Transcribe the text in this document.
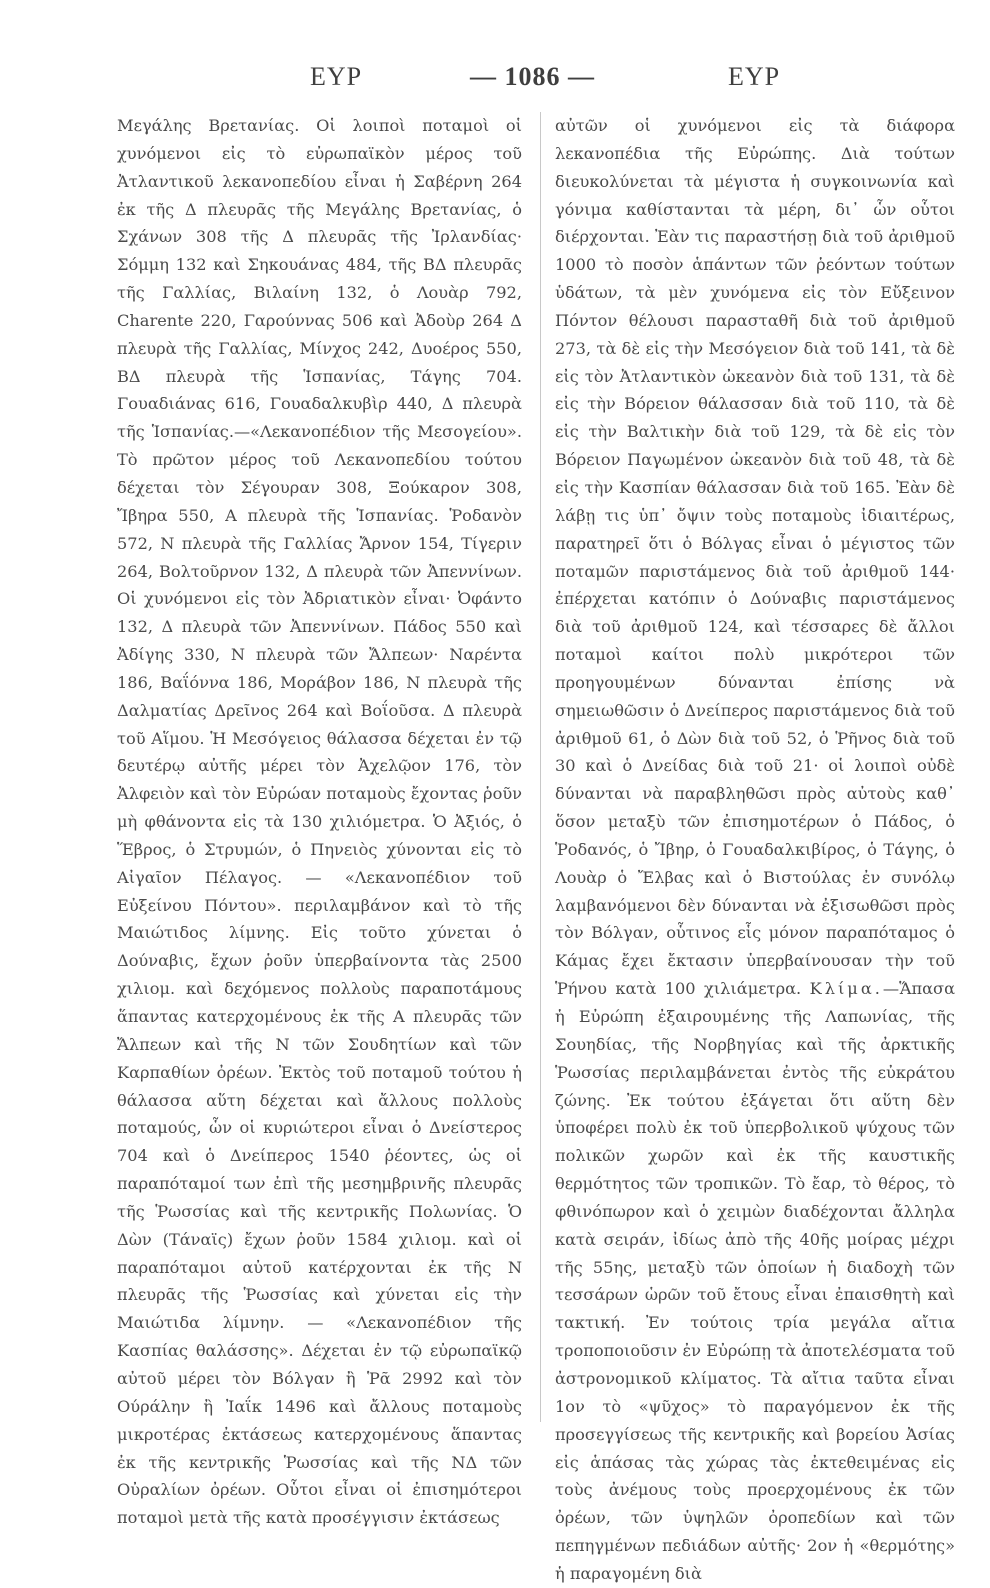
ΕΥΡ	— 1086 —	ΕΥΡ

Μεγάλης Βρετανίας. Οἱ λοιποὶ ποταμοὶ οἱ χυνόμενοι εἰς τὸ εὐρωπαϊκὸν μέρος τοῦ Ἀτλαντικοῦ λεκανοπεδίου εἶναι ἡ Σαβέρνη 264 ἐκ τῆς Δ πλευρᾶς τῆς Μεγάλης Βρετανίας, ὁ Σχάνων 308 τῆς Δ πλευρᾶς τῆς Ἰρλανδίας· Σόμμη 132 καὶ Σηκουάνας 484, τῆς ΒΔ πλευρᾶς τῆς Γαλλίας, Βιλαίνη 132, ὁ Λουὰρ 792, Charente 220, Γαρούννας 506 καὶ Ἀδοὺρ 264 Δ πλευρὰ τῆς Γαλλίας, Μίνχος 242, Δυοέρος 550, ΒΔ πλευρὰ τῆς Ἱσπανίας, Τάγης 704. Γουαδιάνας 616, Γουαδαλκυβὶρ 440, Δ πλευρὰ τῆς Ἱσπανίας.—«Λεκανοπέδιον τῆς Μεσογείου». Τὸ πρῶτον μέρος τοῦ Λεκανοπεδίου τούτου δέχεται τὸν Σέγουραν 308, Ξούκαρον 308, Ἴβηρα 550, Α πλευρὰ τῆς Ἱσπανίας. Ῥοδανὸν 572, Ν πλευρὰ τῆς Γαλλίας Ἄρνον 154, Τίγεριν 264, Βολτοῦρνον 132, Δ πλευρὰ τῶν Ἀπεννίνων. Οἱ χυνόμενοι εἰς τὸν Ἀδριατικὸν εἶναι· Ὀφάντο 132, Δ πλευρὰ τῶν Ἀπεννίνων. Πάδος 550 καὶ Ἀδίγης 330, Ν πλευρὰ τῶν Ἄλπεων· Ναρέντα 186, Βαΐόννα 186, Μοράβον 186, Ν πλευρὰ τῆς Δαλματίας Δρεῖνος 264 καὶ Βοΐοῦσα. Δ πλευρὰ τοῦ Αἵμου. Ἡ Μεσόγειος θάλασσα δέχεται ἐν τῷ δευτέρῳ αὐτῆς μέρει τὸν Ἀχελῷον 176, τὸν Ἀλφειὸν καὶ τὸν Εὐρώαν ποταμοὺς ἔχοντας ῥοῦν μὴ φθάνοντα εἰς τὰ 130 χιλιόμετρα. Ὁ Ἀξιός, ὁ Ἕβρος, ὁ Στρυμών, ὁ Πηνειὸς χύνονται εἰς τὸ Αἰγαῖον Πέλαγος. — «Λεκανοπέδιον τοῦ Εὐξείνου Πόντου». περιλαμβάνον καὶ τὸ τῆς Μαιώτιδος λίμνης. Εἰς τοῦτο χύνεται ὁ Δούναβις, ἔχων ῥοῦν ὑπερβαίνοντα τὰς 2500 χιλιομ. καὶ δεχόμενος πολλοὺς παραποτάμους ἅπαντας κατερχομένους ἐκ τῆς Α πλευρᾶς τῶν Ἄλπεων καὶ τῆς Ν τῶν Σουδητίων καὶ τῶν Καρπαθίων ὀρέων. Ἐκτὸς τοῦ ποταμοῦ τούτου ἡ θάλασσα αὕτη δέχεται καὶ ἄλλους πολλοὺς ποταμούς, ὧν οἱ κυριώτεροι εἶναι ὁ Δνείστερος 704 καὶ ὁ Δνείπερος 1540 ῥέοντες, ὡς οἱ παραπόταμοί των ἐπὶ τῆς μεσημβρινῆς πλευρᾶς τῆς Ῥωσσίας καὶ τῆς κεντρικῆς Πολωνίας. Ὁ Δὼν (Τάναϊς) ἔχων ῥοῦν 1584 χιλιομ. καὶ οἱ παραπόταμοι αὐτοῦ κατέρχονται ἐκ τῆς Ν πλευρᾶς τῆς Ῥωσσίας καὶ χύνεται εἰς τὴν Μαιώτιδα λίμνην. — «Λεκανοπέδιον τῆς Κασπίας θαλάσσης». Δέχεται ἐν τῷ εὐρωπαϊκῷ αὐτοῦ μέρει τὸν Βόλγαν ἢ Ῥᾶ 2992 καὶ τὸν Ούράλην ἢ Ἰαΐκ 1496 καὶ ἄλλους ποταμοὺς μικροτέρας ἐκτάσεως κατερχομένους ἅπαντας ἐκ τῆς κεντρικῆς Ῥωσσίας καὶ τῆς ΝΔ τῶν Οὐραλίων ὀρέων. Οὗτοι εἶναι οἱ ἐπισημότεροι ποταμοὶ μετὰ τῆς κατὰ προσέγγισιν ἐκτάσεως

αὐτῶν οἱ χυνόμενοι εἰς τὰ διάφορα λεκανοπέδια τῆς Εὐρώπης. Διὰ τούτων διευκολύνεται τὰ μέγιστα ἡ συγκοινωνία καὶ γόνιμα καθίστανται τὰ μέρη, δι᾽ ὧν οὗτοι διέρχονται. Ἐὰν τις παραστήσῃ διὰ τοῦ ἀριθμοῦ 1000 τὸ ποσὸν ἁπάντων τῶν ῥεόντων τούτων ὑδάτων, τὰ μὲν χυνόμενα εἰς τὸν Εὔξεινον Πόντον θέλουσι παρασταθῆ διὰ τοῦ ἀριθμοῦ 273, τὰ δὲ εἰς τὴν Μεσόγειον διὰ τοῦ 141, τὰ δὲ εἰς τὸν Ἀτλαντικὸν ὠκεανὸν διὰ τοῦ 131, τὰ δὲ εἰς τὴν Βόρειον θάλασσαν διὰ τοῦ 110, τὰ δὲ εἰς τὴν Βαλτικὴν διὰ τοῦ 129, τὰ δὲ εἰς τὸν Βόρειον Παγωμένον ὠκεανὸν διὰ τοῦ 48, τὰ δὲ εἰς τὴν Κασπίαν θάλασσαν διὰ τοῦ 165. Ἐὰν δὲ λάβῃ τις ὑπ᾽ ὄψιν τοὺς ποταμοὺς ἰδιαιτέρως, παρατηρεῖ ὅτι ὁ Βόλγας εἶναι ὁ μέγιστος τῶν ποταμῶν παριστάμενος διὰ τοῦ ἀριθμοῦ 144· ἐπέρχεται κατόπιν ὁ Δούναβις παριστάμενος διὰ τοῦ ἀριθμοῦ 124, καὶ τέσσαρες δὲ ἄλλοι ποταμοὶ καίτοι πολὺ μικρότεροι τῶν προηγουμένων δύνανται ἐπίσης νὰ σημειωθῶσιν ὁ Δνείπερος παριστάμενος διὰ τοῦ ἀριθμοῦ 61, ὁ Δὼν διὰ τοῦ 52, ὁ Ῥῆνος διὰ τοῦ 30 καὶ ὁ Δνείδας διὰ τοῦ 21· οἱ λοιποὶ οὐδὲ δύνανται νὰ παραβληθῶσι πρὸς αὐτοὺς καθ᾽ ὅσον μεταξὺ τῶν ἐπισημοτέρων ὁ Πάδος, ὁ Ῥοδανός, ὁ Ἴβηρ, ὁ Γουαδαλκιβίρος, ὁ Τάγης, ὁ Λουὰρ ὁ Ἔλβας καὶ ὁ Βιστούλας ἐν συνόλῳ λαμβανόμενοι δὲν δύνανται νὰ ἐξισωθῶσι πρὸς τὸν Βόλγαν, οὗτινος εἷς μόνον παραπόταμος ὁ Κάμας ἔχει ἔκτασιν ὑπερβαίνουσαν τὴν τοῦ Ῥήνου κατὰ 100 χιλιάμετρα. Κλίμα.—Ἅπασα ἡ Εὐρώπη ἐξαιρουμένης τῆς Λαπωνίας, τῆς Σουηδίας, τῆς Νορβηγίας καὶ τῆς ἀρκτικῆς Ῥωσσίας περιλαμβάνεται ἐντὸς τῆς εὐκράτου ζώνης. Ἐκ τούτου ἐξάγεται ὅτι αὕτη δὲν ὑποφέρει πολὺ ἐκ τοῦ ὑπερβολικοῦ ψύχους τῶν πολικῶν χωρῶν καὶ ἐκ τῆς καυστικῆς θερμότητος τῶν τροπικῶν. Τὸ ἔαρ, τὸ θέρος, τὸ φθινόπωρον καὶ ὁ χειμὼν διαδέχονται ἄλληλα κατὰ σειράν, ἰδίως ἀπὸ τῆς 40ῆς μοίρας μέχρι τῆς 55ης, μεταξὺ τῶν ὁποίων ἡ διαδοχὴ τῶν τεσσάρων ὡρῶν τοῦ ἔτους εἶναι ἐπαισθητὴ καὶ τακτική. Ἐν τούτοις τρία μεγάλα αἴτια τροποποιοῦσιν ἐν Εὐρώπῃ τὰ ἀποτελέσματα τοῦ ἀστρονομικοῦ κλίματος. Τὰ αἴτια ταῦτα εἶναι 1ον τὸ «ψῦχος» τὸ παραγόμενον ἐκ τῆς προσεγγίσεως τῆς κεντρικῆς καὶ βορείου Ἀσίας εἰς ἁπάσας τὰς χώρας τὰς ἐκτεθειμένας εἰς τοὺς ἀνέμους τοὺς προερχομένους ἐκ τῶν ὀρέων, τῶν ὑψηλῶν ὀροπεδίων καὶ τῶν πεπηγμένων πεδιάδων αὐτῆς· 2ον ἡ «θερμότης» ἡ παραγομένη διὰ
